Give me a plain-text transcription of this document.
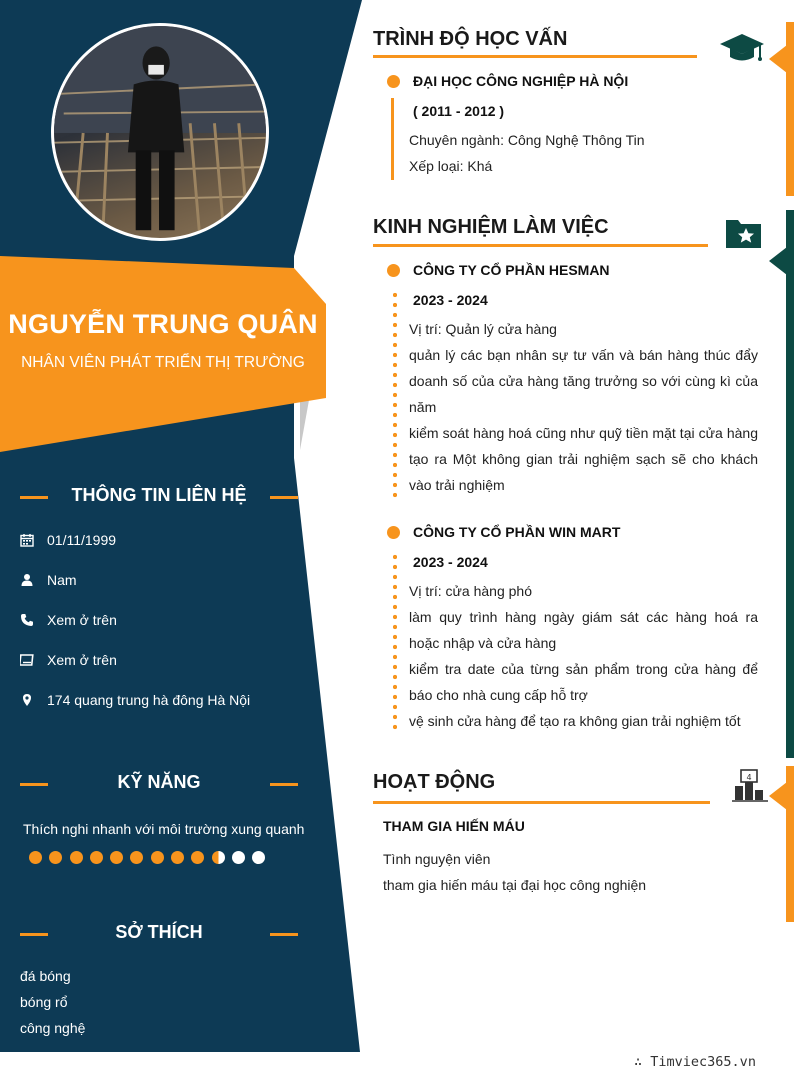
NGUYỄN TRUNG QUÂN
NHÂN VIÊN PHÁT TRIỂN THỊ TRƯỜNG
THÔNG TIN LIÊN HỆ
01/11/1999
Nam
Xem ở trên
Xem ở trên
174 quang trung hà đông Hà Nội
KỸ NĂNG
Thích nghi nhanh với môi trường xung quanh
SỞ THÍCH
đá bóng
bóng rổ
công nghệ
TRÌNH ĐỘ HỌC VẤN
ĐẠI HỌC CÔNG NGHIỆP HÀ NỘI
( 2011 - 2012 )
Chuyên ngành: Công Nghệ Thông Tin
Xếp loại: Khá
KINH NGHIỆM LÀM VIỆC
CÔNG TY CỔ PHẦN HESMAN
2023 - 2024
Vị trí: Quản lý cửa hàng
quản lý các bạn nhân sự tư vấn và bán hàng thúc đẩy
doanh số của cửa hàng tăng trưởng so với cùng kì của
năm
kiểm soát hàng hoá cũng như quỹ tiền mặt tại cửa hàng
tạo ra Một không gian trải nghiệm sạch sẽ cho khách
vào trải nghiệm
CÔNG TY CỔ PHẦN WIN MART
2023 - 2024
Vị trí: cửa hàng phó
làm quy trình hàng ngày giám sát các hàng hoá ra
hoặc nhập và cửa hàng
kiểm tra date của từng sản phẩm trong cửa hàng để
báo cho nhà cung cấp hỗ trợ
vệ sinh cửa hàng để tạo ra không gian trải nghiệm tốt
HOẠT ĐỘNG	4
THAM GIA HIẾN MÁU
Tình nguyện viên
tham gia hiến máu tại đại học công nghiện
∴ Timviec365.vn
